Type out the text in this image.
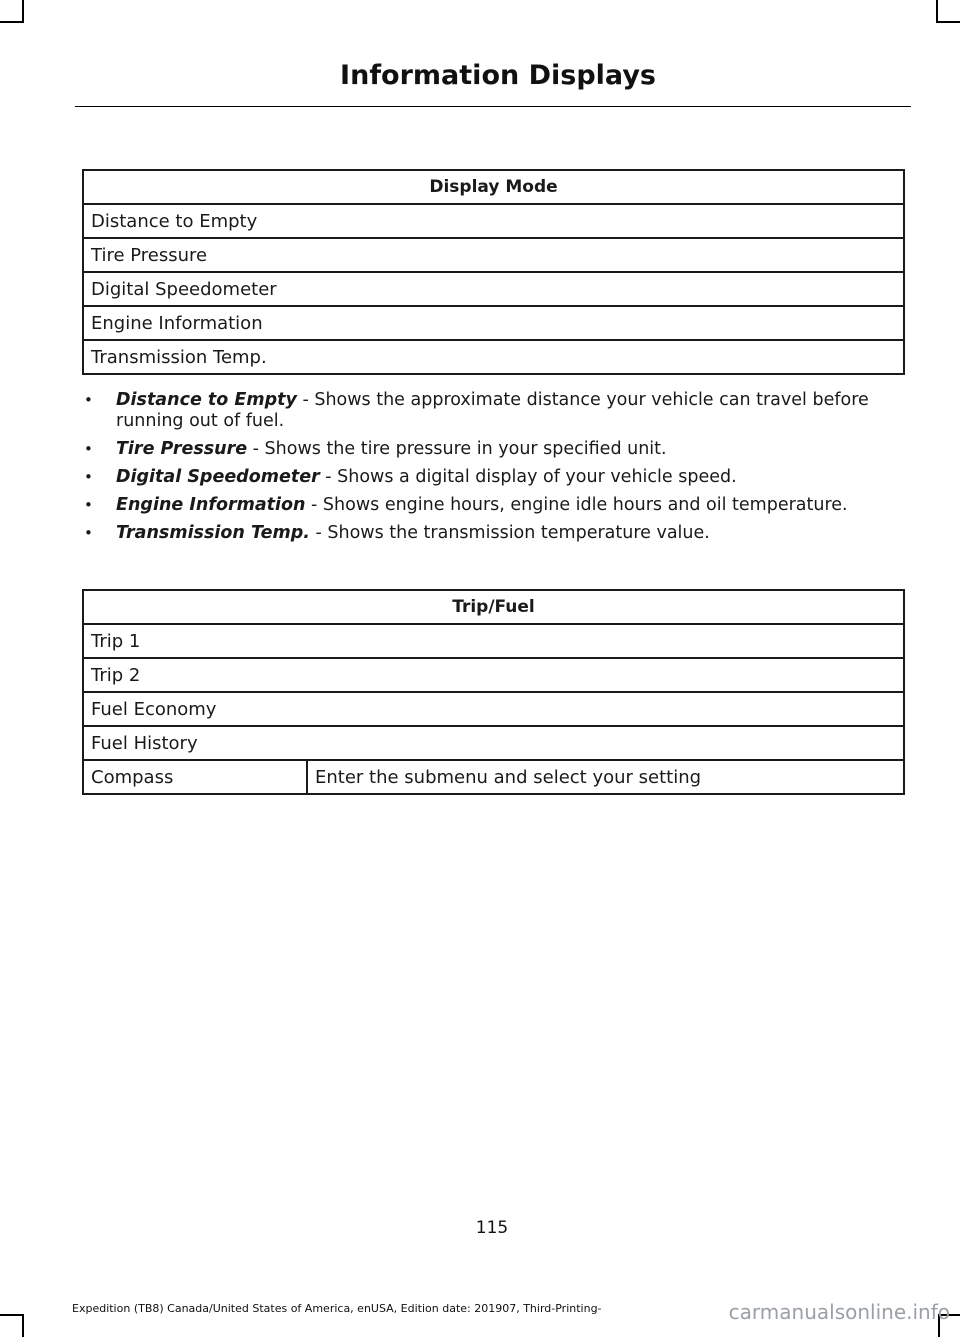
Information Displays
Display Mode
Distance to Empty
Tire Pressure
Digital Speedometer
Engine Information
Transmission Temp.
• Distance to Empty - Shows the approximate distance your vehicle can travel before running out of fuel.
• Tire Pressure - Shows the tire pressure in your specified unit.
• Digital Speedometer - Shows a digital display of your vehicle speed.
• Engine Information - Shows engine hours, engine idle hours and oil temperature.
• Transmission Temp. - Shows the transmission temperature value.
Trip/Fuel
Trip 1
Trip 2
Fuel Economy
Fuel History
Compass	Enter the submenu and select your setting
115
Expedition (TB8) Canada/United States of America, enUSA, Edition date: 201907, Third-Printing-	carmanualsonline.info
